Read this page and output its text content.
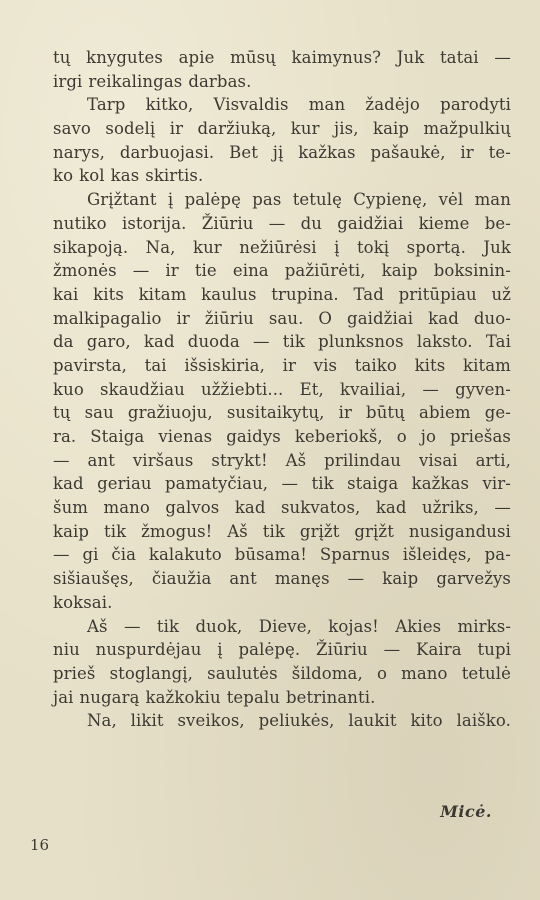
tų knygutes apie mūsų kaimynus? Juk tatai —
irgi reikalingas darbas.
Tarp kitko, Visvaldis man žadėjo parodyti
savo sodelį ir daržiuką, kur jis, kaip mažpulkių
narys, darbuojasi. Bet jį kažkas pašaukė, ir te-
ko kol kas skirtis.
Grįžtant į palėpę pas tetulę Cypienę, vėl man
nutiko istorija. Žiūriu — du gaidžiai kieme be-
sikapoją. Na, kur nežiūrėsi į tokį sportą. Juk
žmonės — ir tie eina pažiūrėti, kaip boksinin-
kai kits kitam kaulus trupina. Tad pritūpiau už
malkipagalio ir žiūriu sau. O gaidžiai kad duo-
da garo, kad duoda — tik plunksnos laksto. Tai
pavirsta, tai išsiskiria, ir vis taiko kits kitam
kuo skaudžiau užžiebti... Et, kvailiai, — gyven-
tų sau gražiuoju, susitaikytų, ir būtų abiem ge-
ra. Staiga vienas gaidys keberiokš, o jo priešas
— ant viršaus strykt! Aš prilindau visai arti,
kad geriau pamatyčiau, — tik staiga kažkas vir-
šum mano galvos kad sukvatos, kad užriks, —
kaip tik žmogus! Aš tik grįžt grįžt nusigandusi
— gi čia kalakuto būsama! Sparnus išleidęs, pa-
sišiaušęs, čiaužia ant manęs — kaip garvežys
koksai.
Aš — tik duok, Dieve, kojas! Akies mirks-
niu nuspurdėjau į palėpę. Žiūriu — Kaira tupi
prieš stoglangį, saulutės šildoma, o mano tetulė
jai nugarą kažkokiu tepalu betrinanti.
Na, likit sveikos, peliukės, laukit kito laiško.
Micė.
16
